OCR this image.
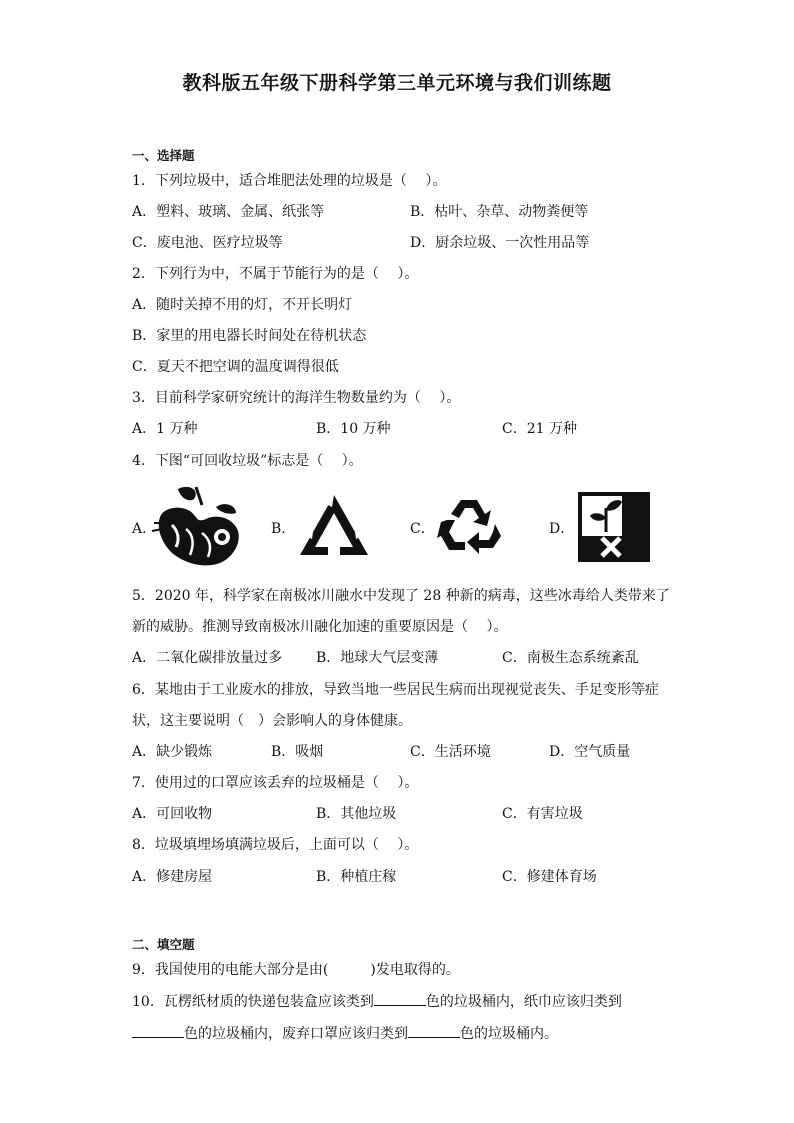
教科版五年级下册科学第三单元环境与我们训练题
一、选择题
1．下列垃圾中，适合堆肥法处理的垃圾是（　 ）。
A．塑料、玻璃、金属、纸张等	B．枯叶、杂草、动物粪便等
C．废电池、医疗垃圾等	D．厨余垃圾、一次性用品等
2．下列行为中，不属于节能行为的是（　 ）。
A．随时关掉不用的灯，不开长明灯
B．家里的用电器长时间处在待机状态
C．夏天不把空调的温度调得很低
3．目前科学家研究统计的海洋生物数量约为（　 ）。
A．1 万种	B．10 万种	C．21 万种
4．下图“可回收垃圾”标志是（　 ）。
A．	B．	C．	D．
5．2020 年，科学家在南极冰川融水中发现了 28 种新的病毒，这些冰毒给人类带来了
新的威胁。推测导致南极冰川融化加速的重要原因是（　 ）。
A．二氧化碳排放量过多 B．地球大气层变薄	C．南极生态系统紊乱
6．某地由于工业废水的排放，导致当地一些居民生病而出现视觉丧失、手足变形等症
状，这主要说明（　）会影响人的身体健康。
A．缺少锻炼	B．吸烟	C．生活环境	D．空气质量
7．使用过的口罩应该丢弃的垃圾桶是（　 ）。
A．可回收物	B．其他垃圾	C．有害垃圾
8．垃圾填埋场填满垃圾后，上面可以（　 ）。
A．修建房屋	B．种植庄稼	C．修建体育场
二、填空题
9．我国使用的电能大部分是由(　　　)发电取得的。
10．瓦楞纸材质的快递包装盒应该类到	色的垃圾桶内，纸巾应该归类到
色的垃圾桶内，废弃口罩应该归类到	色的垃圾桶内。
